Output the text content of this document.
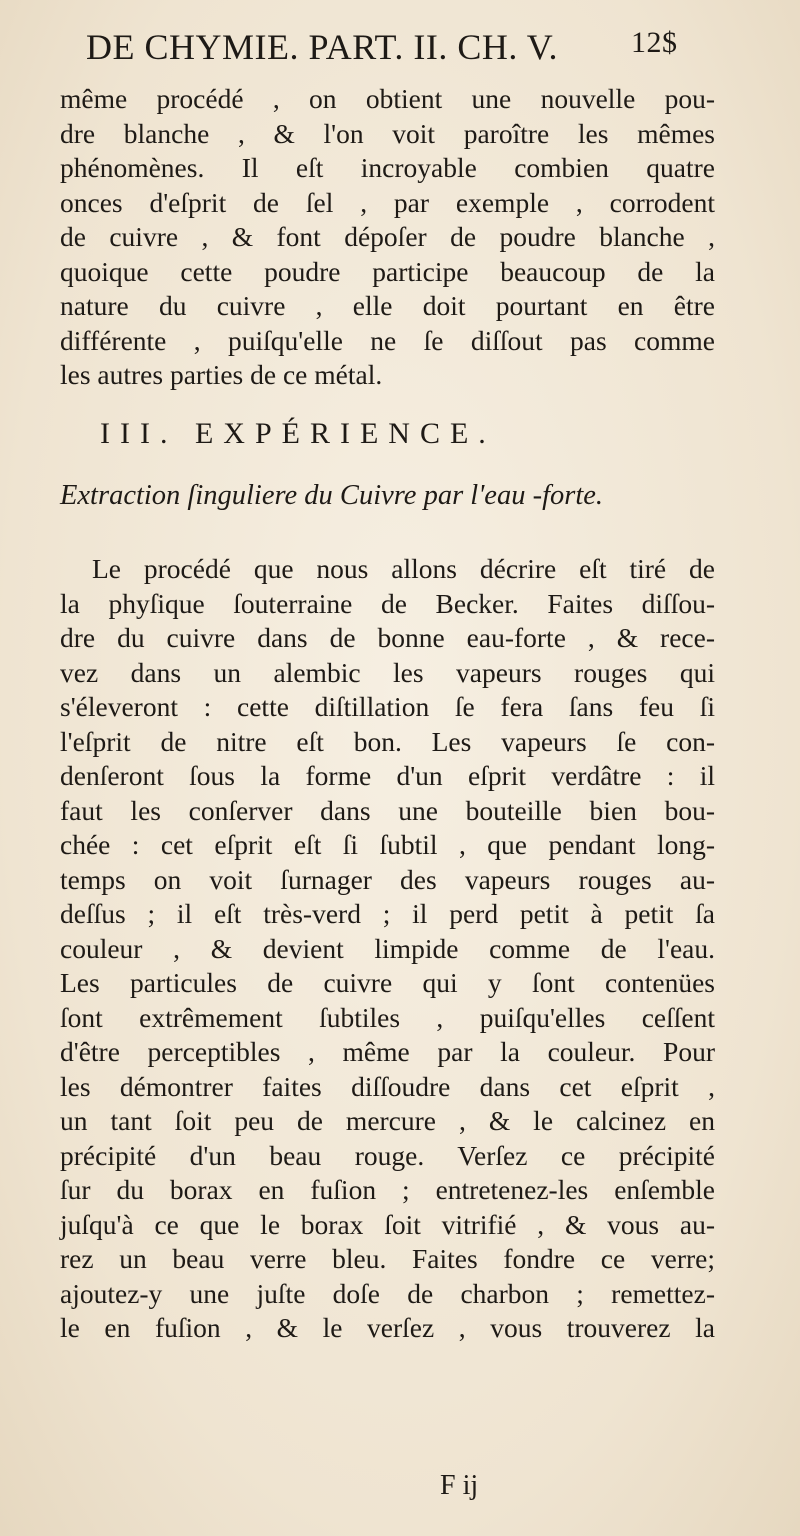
DE CHYMIE. PART. II. CH. V. 12$
même procédé , on obtient une nouvelle pou-
dre blanche , & l'on voit paroître les mêmes
phénomènes. Il eſt incroyable combien quatre
onces d'eſprit de ſel , par exemple , corrodent
de cuivre , & font dépoſer de poudre blanche ,
quoique cette poudre participe beaucoup de la
nature du cuivre , elle doit pourtant en être
différente , puiſqu'elle ne ſe diſſout pas comme
les autres parties de ce métal.
III. EXPÉRIENCE.
Extraction ſinguliere du Cuivre par l'eau -forte.
Le procédé que nous allons décrire eſt tiré de
la phyſique ſouterraine de Becker. Faites diſſou-
dre du cuivre dans de bonne eau-forte , & rece-
vez dans un alembic les vapeurs rouges qui
s'éleveront : cette diſtillation ſe fera ſans feu ſi
l'eſprit de nitre eſt bon. Les vapeurs ſe con-
denſeront ſous la forme d'un eſprit verdâtre : il
faut les conſerver dans une bouteille bien bou-
chée : cet eſprit eſt ſi ſubtil , que pendant long-
temps on voit ſurnager des vapeurs rouges au-
deſſus ; il eſt très-verd ; il perd petit à petit ſa
couleur , & devient limpide comme de l'eau.
Les particules de cuivre qui y ſont contenües
ſont extrêmement ſubtiles , puiſqu'elles ceſſent
d'être perceptibles , même par la couleur. Pour
les démontrer faites diſſoudre dans cet eſprit ,
un tant ſoit peu de mercure , & le calcinez en
précipité d'un beau rouge. Verſez ce précipité
ſur du borax en fuſion ; entretenez-les enſemble
juſqu'à ce que le borax ſoit vitrifié , & vous au-
rez un beau verre bleu. Faites fondre ce verre;
ajoutez-y une juſte doſe de charbon ; remettez-
le en fuſion , & le verſez , vous trouverez la
F ij
